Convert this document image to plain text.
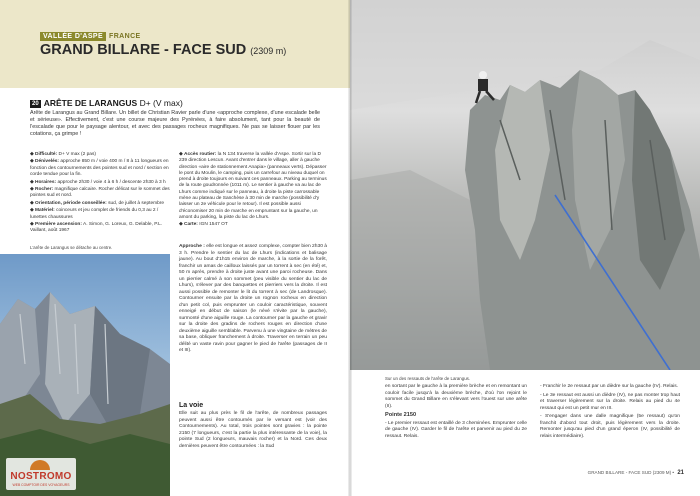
VALLÉE D'ASPE FRANCE
GRAND BILLARE - FACE SUD (2309 m)
20 ARÊTE DE LARANGUS D+ (V max)
Arête de Larangus au Grand Billare. Un billet de Christian Ravier parle d'une «approche complexe, d'une escalade belle et sérieuse». Effectivement, c'est une course majeure des Pyrénées, à faire absolument, tant pour la beauté de l'escalade que pour le paysage alentour, et avec des passages rocheux magnifiques. Ne pas se laisser flouer par les cotations, ça grimpe !

◆ Difficulté: D+ V max (2 pas)

◆ Dénivelés: approche 850 m / voie 400 m / 8 à 11 longueurs en fonction des contournements des pointes sud et nord / section en corde tendue pour la fin.

◆ Horaires: approche 2h30 / voie 4 à 6 h / descente 2h30 à 3 h

◆ Rocher: magnifique calcaire. Rocher délicat sur le sommet des pointes sud et nord.

◆ Orientation, période conseillée: sud, de juillet à septembre

◆ Matériel: coinceurs et jeu complet de friends du 0,3 au 2 / lunettes chaussures

◆ Première ascension: A. Simon, G. Loreux, G. Delable, P.L. Vaillant, août 1967

◆ Accès routier: la N 134 traverse la vallée d'Aspe. Sortir sur la D 239 direction Lescun. Avant d'entrer dans le village, aller à gauche direction «aire de stationnement Anapia» (panneaux verts). Dépasser le pont du Moulin, le camping, puis un carrefour au niveau duquel on prend à droite toujours en suivant ces panneaux. Parking au terminus de la route goudronnée (1011 m). Le sentier à gauche va au lac de Lhurs comme indiqué sur le panneau, à droite la piste carrossable mène au plateau de Sanchèse à 30 min de marche (possibilité d'y laisser un 2e véhicule pour le retour). Il est possible aussi d'économiser 20 min de marche en empruntant sur la gauche, un amont du parking, la piste du lac de Lhurs.

◆ Carte: IGN 1547 OT

Approche : elle est longue et assez complexe, compter bien 2h30 à 3 h. Prendre le sentier du lac de Lhurs (indications et balisage jaune). Au bout d'1h15 environ de marche, à la sortie de la forêt, franchir un amas de cailloux laissés par un torrent à sec (en été) et, 50 m après, prendre à droite juste avant une paroi rocheuse. Dans un pierrier calmé à son sommet (peu visible du sentier du lac de Lhurs), s'élever par des banquettes et pierriers vers la droite. Il est aussi possible de remonter le lit du torrent à sec (de Landrosque). Contourner ensuite par la droite un rognon rocheux en direction d'un petit col, puis emprunter un couloir caractéristique, souvent enneigé en début de saison (le névé s'évite par la gauche), surmonté d'une aiguille rouge. La contourner par la gauche et gravir sur la droite des gradins de rochers rouges en direction d'une deuxième aiguille semblable. Parvenu à une vingtaine de mètres de sa base, obliquer franchement à droite. Traverser en terrain un peu délité un vaste ravin pour gagner le pied de l'arête (passages de II et III).
La voie
Elle suit au plus près le fil de l'arête, de nombreux passages peuvent aussi être contournés par le versant est (voir des Contournements). Au total, trois pointes sont gravies : la pointe 2150 (7 longueurs, c'est la partie la plus intéressante de la voie), la pointe Sud (2 longueurs, mauvais rocher) et la Nord. Ces deux dernières peuvent être contournées : la Sud
L'arête de Larangus se détache au centre.
NOSTROMO
WEB COMPTOIR DES VOYAGEURS
Sur un des ressauts de l'arête de Larangus.

en sortant par le gauche à la première brèche et en remontant un couloir facile jusqu'à la deuxième brèche, d'où l'on rejoint le sommet du Grand Billare en s'élevant vers l'ouest sur une arête (II).

Pointe 2150

- Le premier ressaut est entaillé de 3 cheminées. Emprunter celle de gauche (IV). Garder le fil de l'arête et parvenir au pied du 2e ressaut. Relais.

- Franchir le 2e ressaut par un dièdre sur la gauche (IV). Relais.

- Le 3e ressaut est aussi un dièdre (IV), ne pas monter trop haut et traverser légèrement sur la droite. Relais au pied du 4e ressaut qui est un petit mur en III.

- S'engager dans une dalle magnifique (5e ressaut) qu'on franchit d'abord tout droit, puis légèrement vers la droite. Remonter jusqu'au pied d'un grand éperon (IV, possibilité de relais intermédiaire).

GRAND BILLARE - FACE SUD (2309 M) • 21
